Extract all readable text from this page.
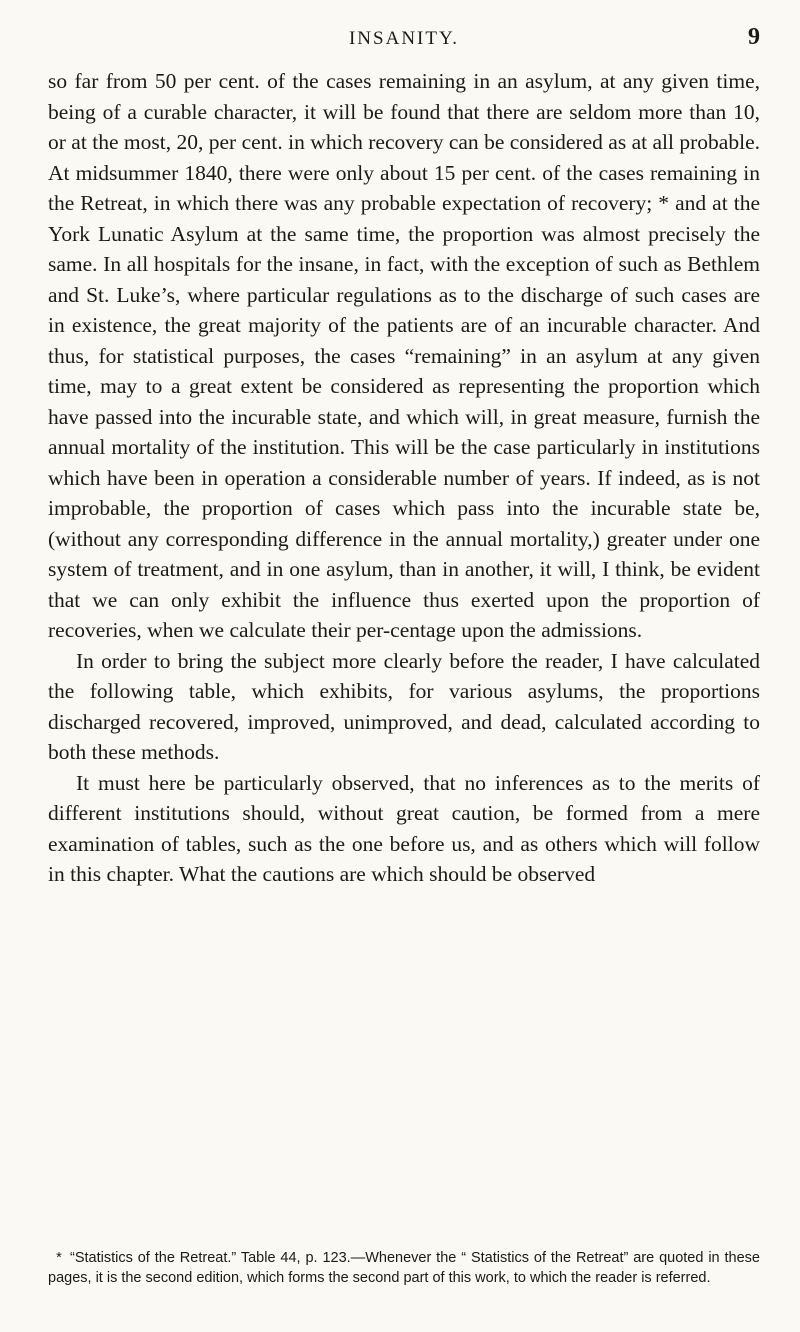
INSANITY.	9

so far from 50 per cent. of the cases remaining in an asylum, at any given time, being of a curable character, it will be found that there are seldom more than 10, or at the most, 20, per cent. in which recovery can be considered as at all probable. At midsummer 1840, there were only about 15 per cent. of the cases remaining in the Retreat, in which there was any probable expectation of recovery; * and at the York Lunatic Asylum at the same time, the proportion was almost precisely the same. In all hospitals for the insane, in fact, with the exception of such as Bethlem and St. Luke’s, where particular regulations as to the discharge of such cases are in existence, the great majority of the patients are of an incurable character. And thus, for statistical purposes, the cases “remaining” in an asylum at any given time, may to a great extent be considered as representing the proportion which have passed into the incurable state, and which will, in great measure, furnish the annual mortality of the institution. This will be the case particularly in institutions which have been in operation a considerable number of years. If indeed, as is not improbable, the proportion of cases which pass into the incurable state be, (without any corresponding difference in the annual mortality,) greater under one system of treatment, and in one asylum, than in another, it will, I think, be evident that we can only exhibit the influence thus exerted upon the proportion of recoveries, when we calculate their per-centage upon the admissions.

In order to bring the subject more clearly before the reader, I have calculated the following table, which exhibits, for various asylums, the proportions discharged recovered, improved, unimproved, and dead, calculated according to both these methods.

It must here be particularly observed, that no inferences as to the merits of different institutions should, without great caution, be formed from a mere examination of tables, such as the one before us, and as others which will follow in this chapter. What the cautions are which should be observed

* “Statistics of the Retreat.” Table 44, p. 123.—Whenever the “ Statistics of the Retreat” are quoted in these pages, it is the second edition, which forms the second part of this work, to which the reader is referred.
